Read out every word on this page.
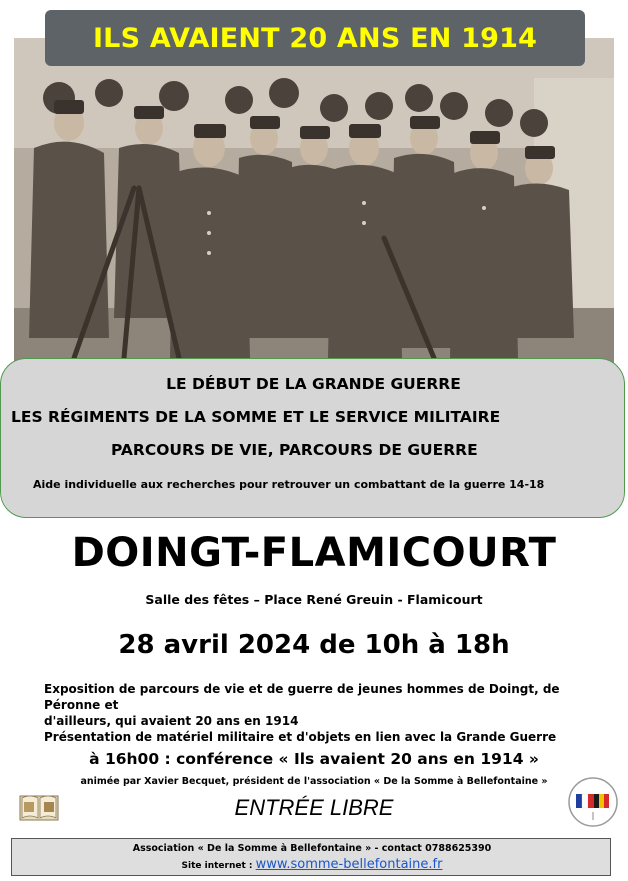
ILS AVAIENT 20 ANS EN 1914
LE DÉBUT DE LA GRANDE GUERRE
LES RÉGIMENTS DE LA SOMME ET LE SERVICE MILITAIRE
PARCOURS DE VIE, PARCOURS DE GUERRE
Aide individuelle aux recherches pour retrouver un combattant de la guerre 14-18
DOINGT-FLAMICOURT
Salle des fêtes – Place René Greuin - Flamicourt
28 avril 2024 de 10h à 18h
Exposition de parcours de vie et de guerre de jeunes hommes de Doingt, de Péronne et
d'ailleurs, qui avaient 20 ans en 1914
Présentation de matériel militaire et d'objets en lien avec la Grande Guerre
à 16h00 : conférence « Ils avaient 20 ans en 1914 »
animée par Xavier Becquet, président de l'association « De la Somme à Bellefontaine »
ENTRÉE LIBRE
Association « De la Somme à Bellefontaine » - contact 0788625390
Site internet : www.somme-bellefontaine.fr
